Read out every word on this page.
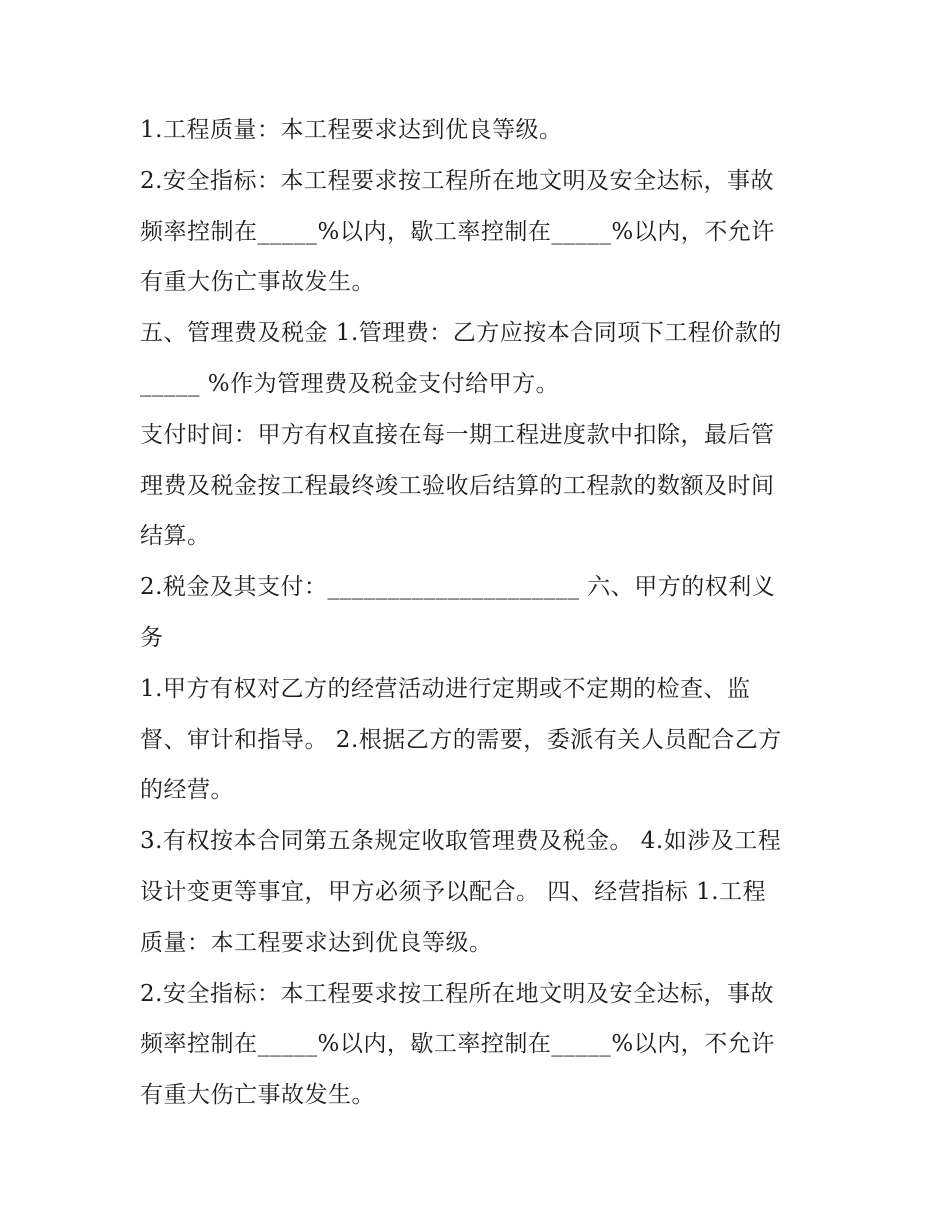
1.工程质量：本工程要求达到优良等级。
2.安全指标：本工程要求按工程所在地文明及安全达标，事故
频率控制在_____%以内，歇工率控制在_____%以内，不允许
有重大伤亡事故发生。
五、管理费及税金 1.管理费：乙方应按本合同项下工程价款的
_____ %作为管理费及税金支付给甲方。
支付时间：甲方有权直接在每一期工程进度款中扣除，最后管
理费及税金按工程最终竣工验收后结算的工程款的数额及时间
结算。
2.税金及其支付：_____________________ 六、甲方的权利义
务
1.甲方有权对乙方的经营活动进行定期或不定期的检查、监
督、审计和指导。 2.根据乙方的需要，委派有关人员配合乙方
的经营。
3.有权按本合同第五条规定收取管理费及税金。 4.如涉及工程
设计变更等事宜，甲方必须予以配合。 四、经营指标 1.工程
质量：本工程要求达到优良等级。
2.安全指标：本工程要求按工程所在地文明及安全达标，事故
频率控制在_____%以内，歇工率控制在_____%以内，不允许
有重大伤亡事故发生。
